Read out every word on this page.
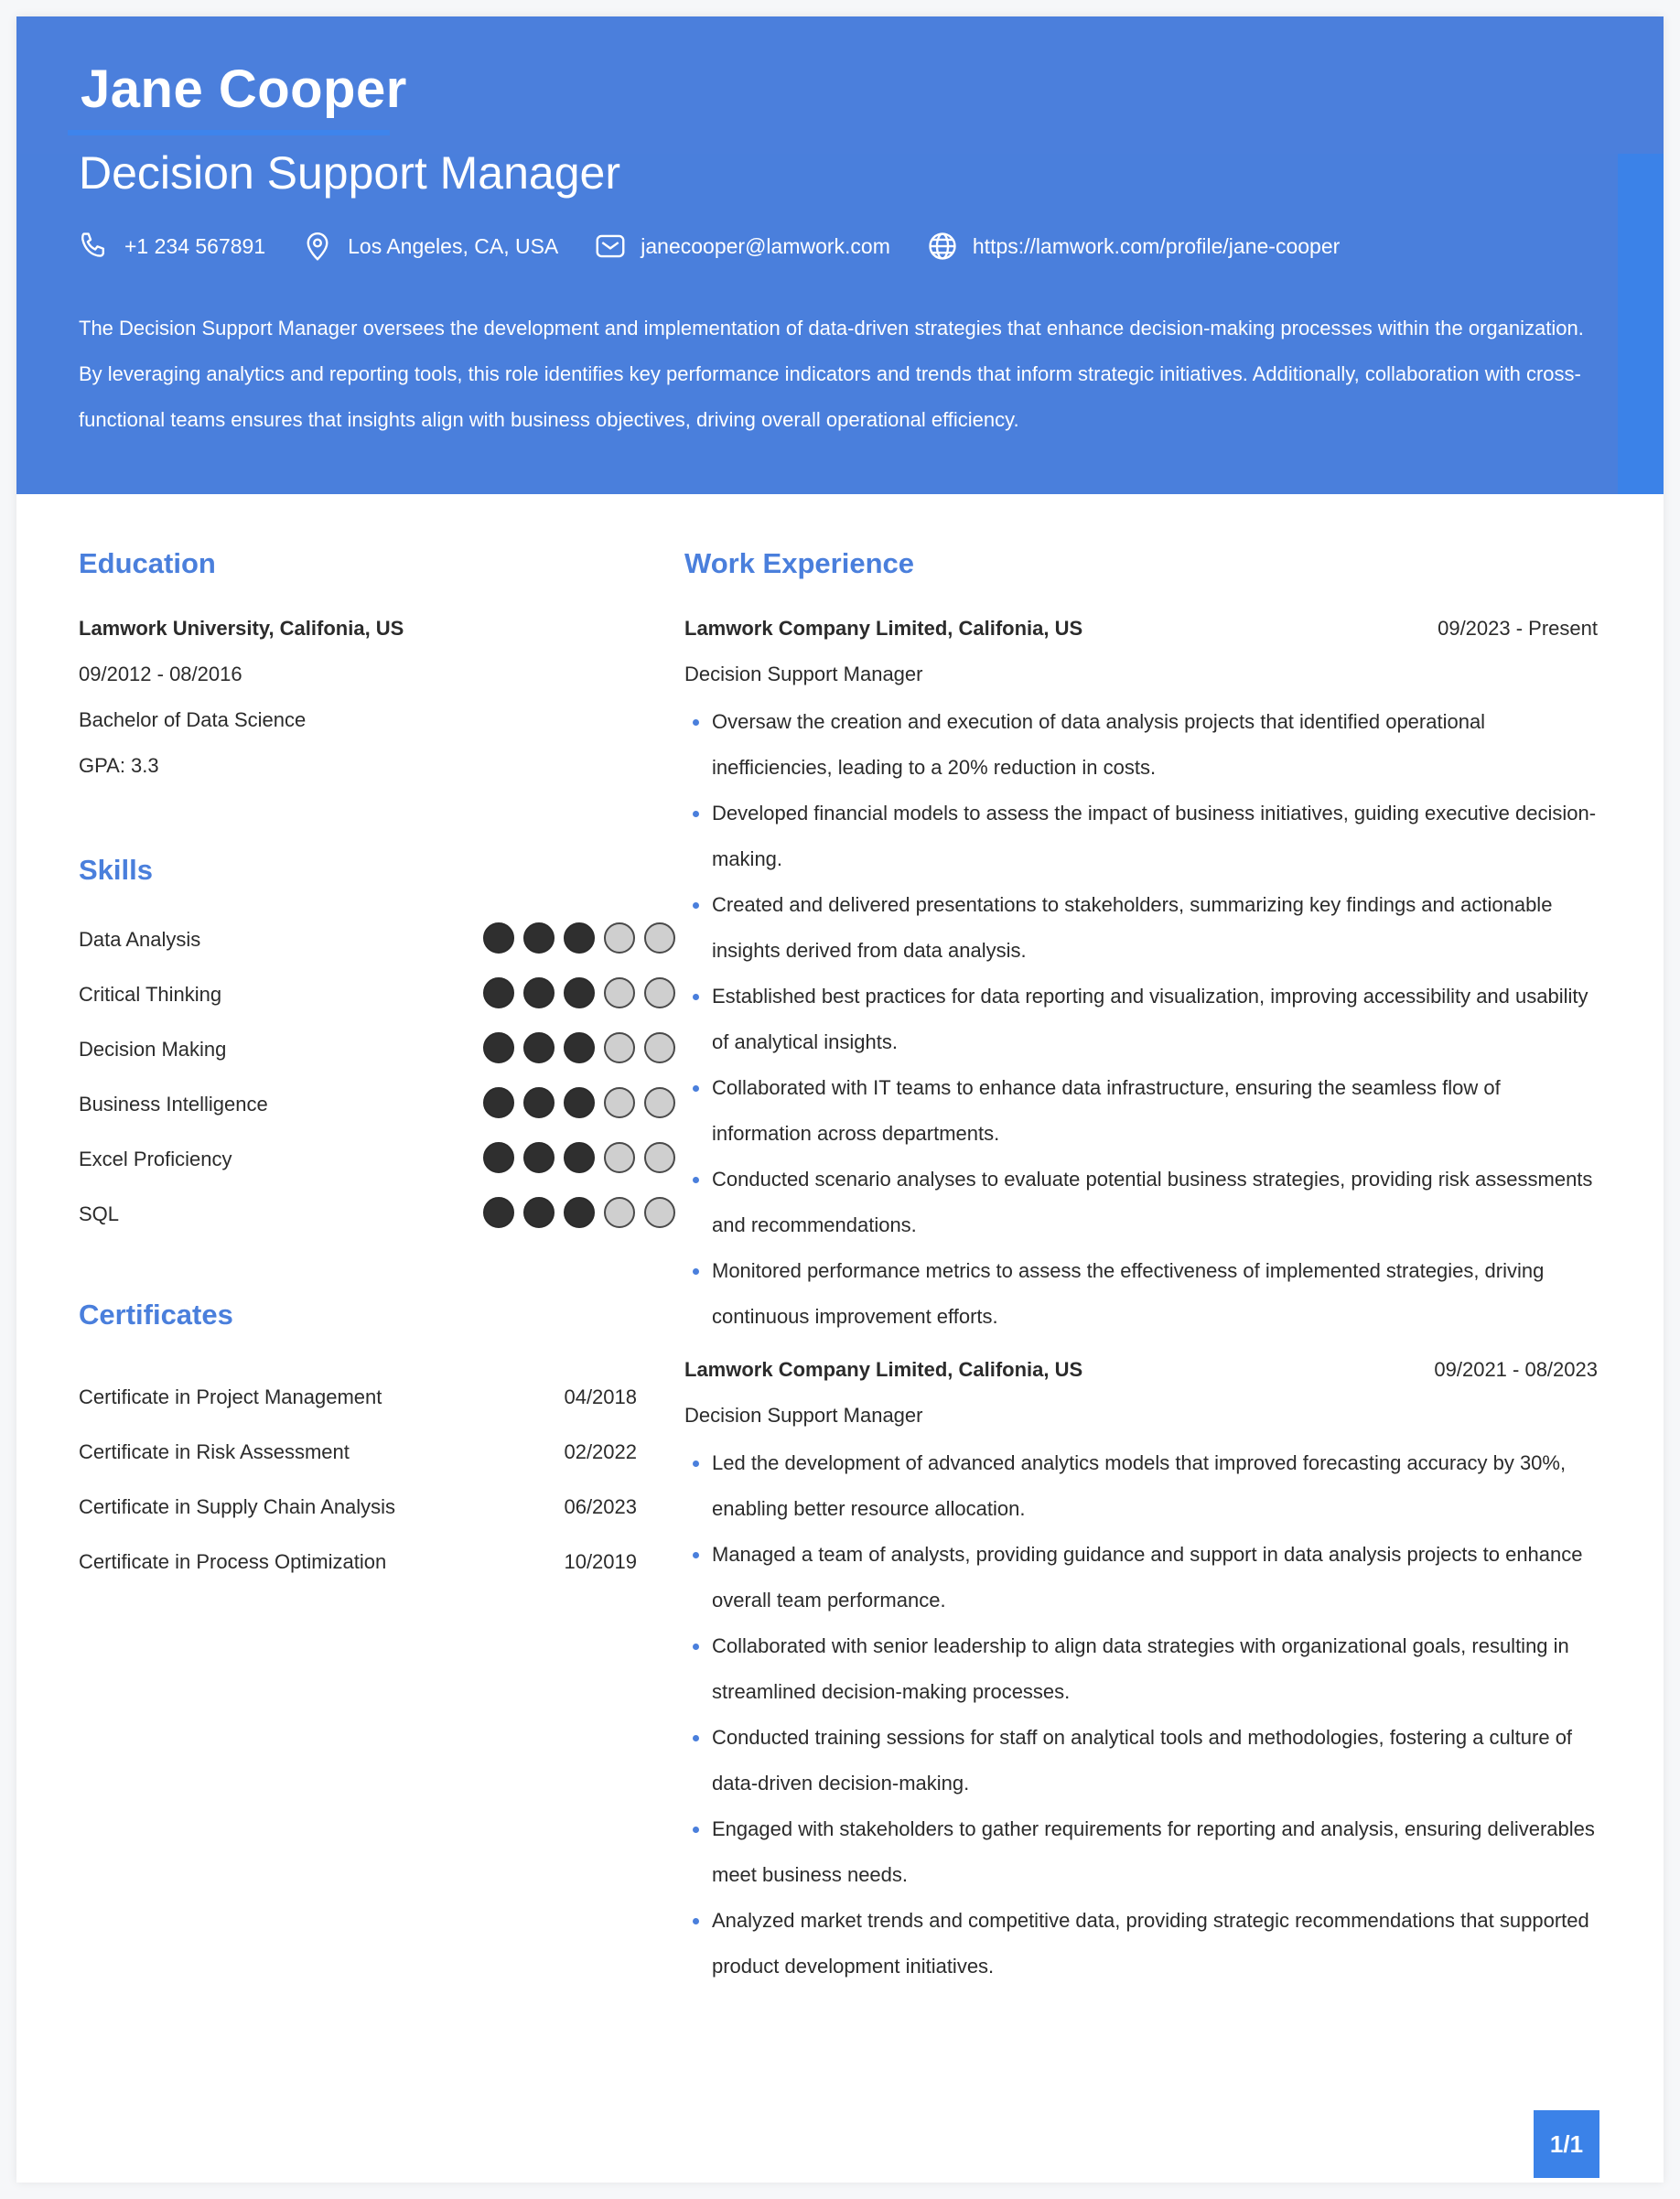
Jane Cooper
Decision Support Manager
+1 234 567891	Los Angeles, CA, USA	janecooper@lamwork.com	https://lamwork.com/profile/jane-cooper
The Decision Support Manager oversees the development and implementation of data-driven strategies that enhance decision-making processes within the organization. By leveraging analytics and reporting tools, this role identifies key performance indicators and trends that inform strategic initiatives. Additionally, collaboration with cross-functional teams ensures that insights align with business objectives, driving overall operational efficiency.
Education
Lamwork University, Califonia, US
09/2012 - 08/2016
Bachelor of Data Science
GPA: 3.3
Skills
Data Analysis
Critical Thinking
Decision Making
Business Intelligence
Excel Proficiency
SQL
Certificates
Certificate in Project Management	04/2018
Certificate in Risk Assessment	02/2022
Certificate in Supply Chain Analysis	06/2023
Certificate in Process Optimization	10/2019
Work Experience
Lamwork Company Limited, Califonia, US	09/2023 - Present
Decision Support Manager
Oversaw the creation and execution of data analysis projects that identified operational inefficiencies, leading to a 20% reduction in costs.
Developed financial models to assess the impact of business initiatives, guiding executive decision-making.
Created and delivered presentations to stakeholders, summarizing key findings and actionable insights derived from data analysis.
Established best practices for data reporting and visualization, improving accessibility and usability of analytical insights.
Collaborated with IT teams to enhance data infrastructure, ensuring the seamless flow of information across departments.
Conducted scenario analyses to evaluate potential business strategies, providing risk assessments and recommendations.
Monitored performance metrics to assess the effectiveness of implemented strategies, driving continuous improvement efforts.
Lamwork Company Limited, Califonia, US	09/2021 - 08/2023
Decision Support Manager
Led the development of advanced analytics models that improved forecasting accuracy by 30%, enabling better resource allocation.
Managed a team of analysts, providing guidance and support in data analysis projects to enhance overall team performance.
Collaborated with senior leadership to align data strategies with organizational goals, resulting in streamlined decision-making processes.
Conducted training sessions for staff on analytical tools and methodologies, fostering a culture of data-driven decision-making.
Engaged with stakeholders to gather requirements for reporting and analysis, ensuring deliverables meet business needs.
Analyzed market trends and competitive data, providing strategic recommendations that supported product development initiatives.
1/1
